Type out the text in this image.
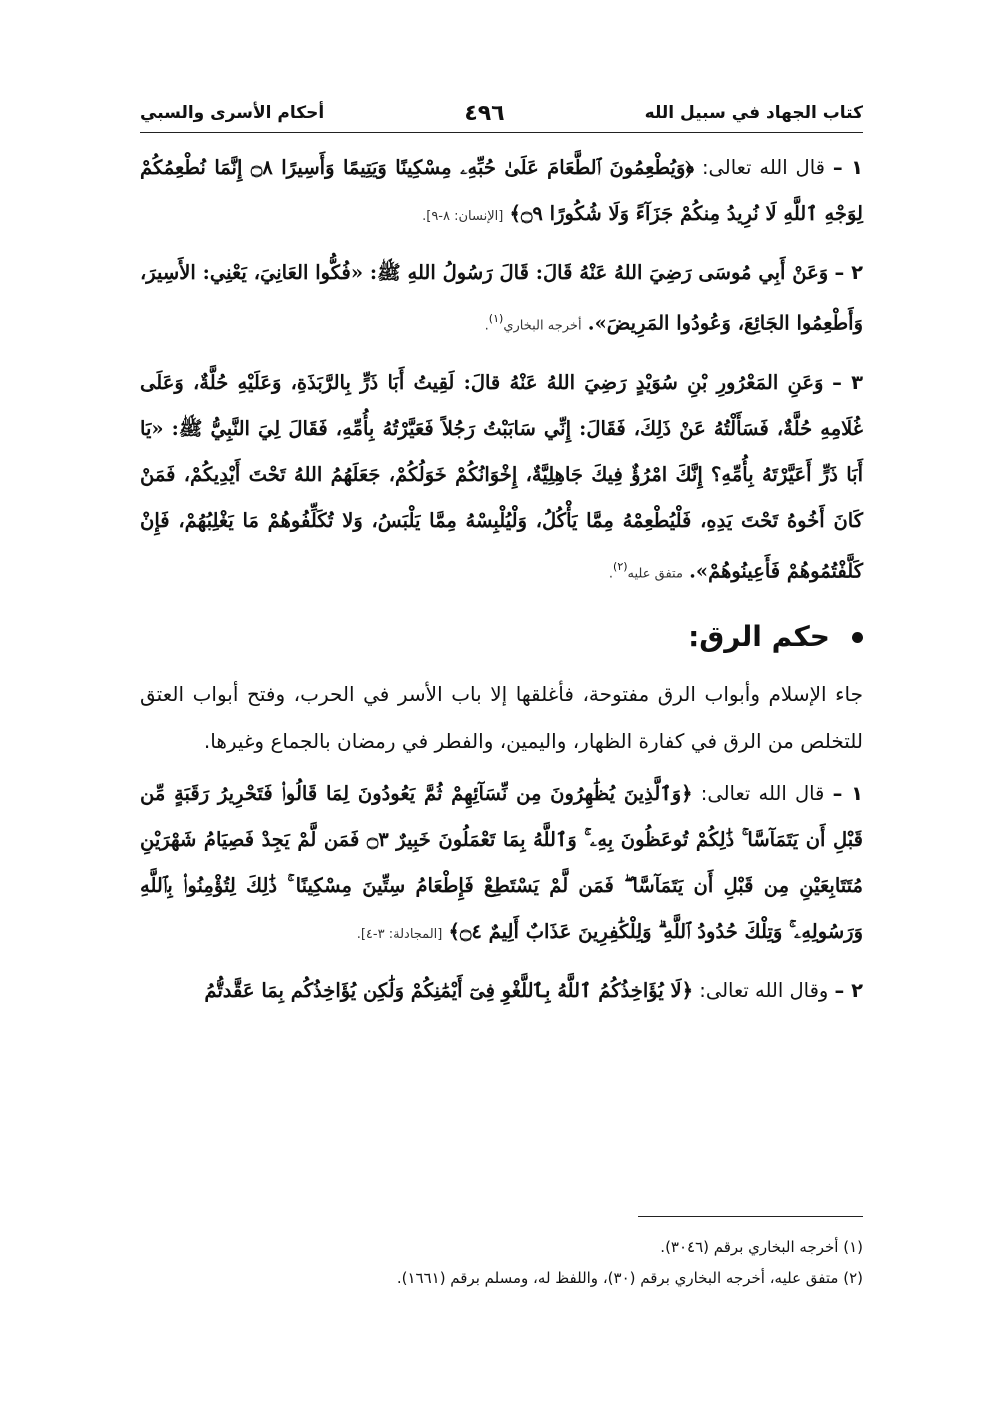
كتاب الجهاد في سبيل الله
٤٩٦
أحكام الأسرى والسبي

١ – قال الله تعالى: ﴿وَيُطْعِمُونَ ٱلطَّعَامَ عَلَىٰ حُبِّهِۦ مِسْكِينًا وَيَتِيمًا وَأَسِيرًا ۝٨ إِنَّمَا نُطْعِمُكُمْ لِوَجْهِ ٱللَّهِ لَا نُرِيدُ مِنكُمْ جَزَآءً وَلَا شُكُورًا ۝٩﴾ [الإنسان: ٨-٩].

٢ – وَعَنْ أَبِي مُوسَى رَضِيَ اللهُ عَنْهُ قَالَ: قَالَ رَسُولُ اللهِ ﷺ: «فُكُّوا العَانِيَ، يَعْنِي: الأَسِيرَ، وَأَطْعِمُوا الجَائِعَ، وَعُودُوا المَرِيضَ». أخرجه البخاري$^{(١)}$.

٣ – وَعَنِ المَعْرُورِ بْنِ سُوَيْدٍ رَضِيَ اللهُ عَنْهُ قالَ: لَقِيتُ أَبَا ذَرٍّ بِالرَّبَذَةِ، وَعَلَيْهِ حُلَّةٌ، وَعَلَى غُلَامِهِ حُلَّةٌ، فَسَأَلْتُهُ عَنْ ذَلِكَ، فَقَالَ: إِنِّي سَابَبْتُ رَجُلاً فَعَيَّرْتُهُ بِأُمِّهِ، فَقَالَ لِيَ النَّبِيُّ ﷺ: «يَا أَبَا ذَرٍّ أَعَيَّرْتَهُ بِأُمِّهِ؟ إِنَّكَ امْرُؤٌ فِيكَ جَاهِلِيَّةٌ، إِخْوَانُكُمْ خَوَلُكُمْ، جَعَلَهُمُ اللهُ تَحْتَ أَيْدِيكُمْ، فَمَنْ كَانَ أَخُوهُ تَحْتَ يَدِهِ، فَلْيُطْعِمْهُ مِمَّا يَأْكُلُ، وَلْيُلْبِسْهُ مِمَّا يَلْبَسُ، وَلا تُكَلِّفُوهُمْ مَا يَغْلِبُهُمْ، فَإِنْ كَلَّفْتُمُوهُمْ فَأَعِينُوهُمْ». متفق عليه$^{(٢)}$.

حكم الرق:

جاء الإسلام وأبواب الرق مفتوحة، فأغلقها إلا باب الأسر في الحرب، وفتح أبواب العتق للتخلص من الرق في كفارة الظهار، واليمين، والفطر في رمضان بالجماع وغيرها.

١ – قال الله تعالى: ﴿وَٱلَّذِينَ يُظَٰهِرُونَ مِن نِّسَآئِهِمْ ثُمَّ يَعُودُونَ لِمَا قَالُوا۟ فَتَحْرِيرُ رَقَبَةٍ مِّن قَبْلِ أَن يَتَمَآسَّا ۚ ذَٰلِكُمْ تُوعَظُونَ بِهِۦ ۚ وَٱللَّهُ بِمَا تَعْمَلُونَ خَبِيرٌ ۝٣ فَمَن لَّمْ يَجِدْ فَصِيَامُ شَهْرَيْنِ مُتَتَابِعَيْنِ مِن قَبْلِ أَن يَتَمَآسَّا ۖ فَمَن لَّمْ يَسْتَطِعْ فَإِطْعَامُ سِتِّينَ مِسْكِينًا ۚ ذَٰلِكَ لِتُؤْمِنُوا۟ بِٱللَّهِ وَرَسُولِهِۦ ۚ وَتِلْكَ حُدُودُ ٱللَّهِ ۗ وَلِلْكَٰفِرِينَ عَذَابٌ أَلِيمٌ ۝٤﴾ [المجادلة: ٣-٤].

٢ – وقال الله تعالى: ﴿لَا يُؤَاخِذُكُمُ ٱللَّهُ بِٱللَّغْوِ فِىٓ أَيْمَٰنِكُمْ وَلَٰكِن يُؤَاخِذُكُم بِمَا عَقَّدتُّمُ

(١) أخرجه البخاري برقم (٣٠٤٦).
(٢) متفق عليه، أخرجه البخاري برقم (٣٠)، واللفظ له، ومسلم برقم (١٦٦١).
